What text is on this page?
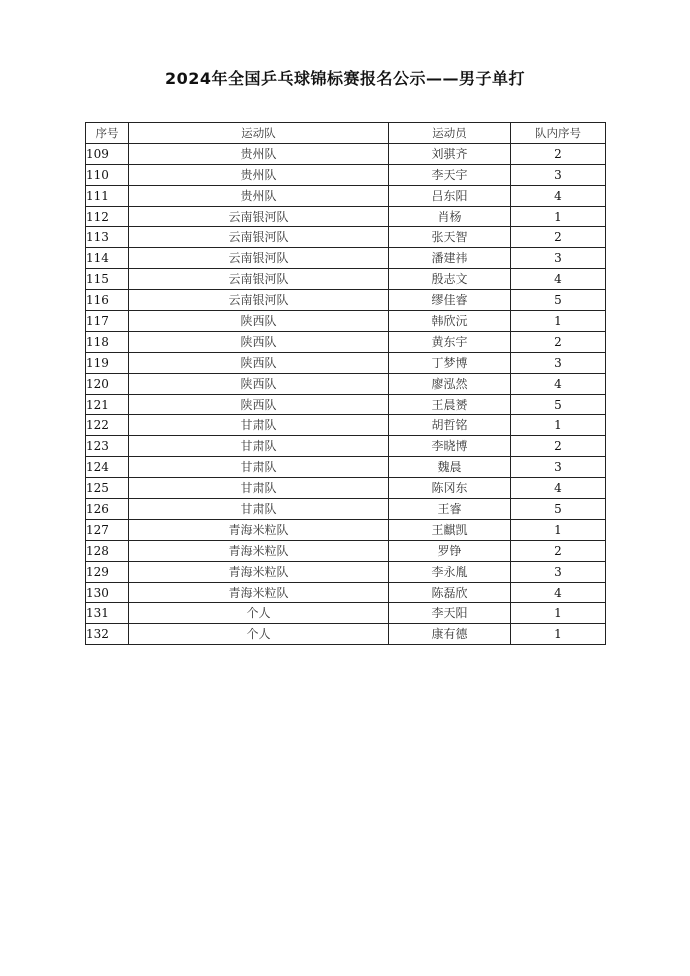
2024年全国乒乓球锦标赛报名公示——男子单打
序号	运动队	运动员	队内序号
109	贵州队	刘骐齐	2
110	贵州队	李天宇	3
111	贵州队	吕东阳	4
112	云南银河队	肖杨	1
113	云南银河队	张天智	2
114	云南银河队	潘建祎	3
115	云南银河队	殷志文	4
116	云南银河队	缪佳睿	5
117	陕西队	韩欣沅	1
118	陕西队	黄东宇	2
119	陕西队	丁梦博	3
120	陕西队	廖泓然	4
121	陕西队	王晨赟	5
122	甘肃队	胡哲铭	1
123	甘肃队	李晓博	2
124	甘肃队	魏晨	3
125	甘肃队	陈冈东	4
126	甘肃队	王睿	5
127	青海米粒队	王麒凯	1
128	青海米粒队	罗铮	2
129	青海米粒队	李永胤	3
130	青海米粒队	陈磊欣	4
131	个人	李天阳	1
132	个人	康有德	1
